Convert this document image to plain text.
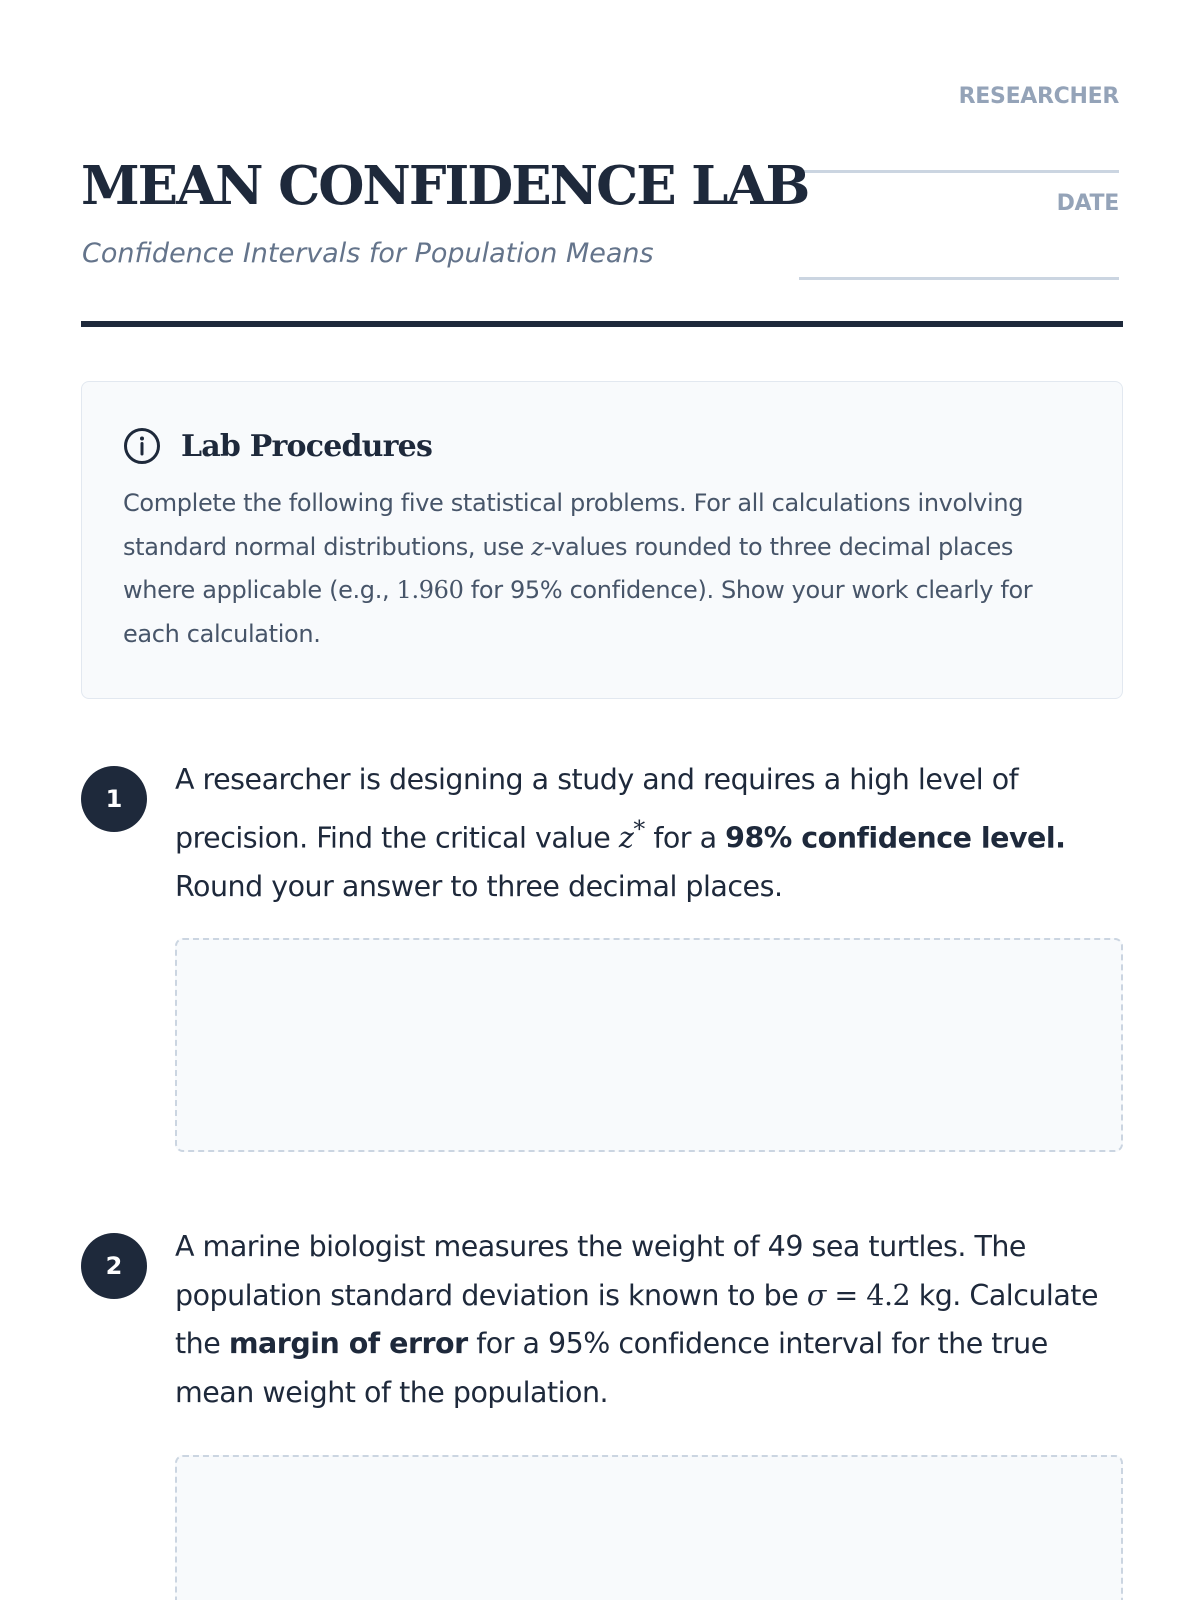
RESEARCHER
MEAN CONFIDENCE LAB	DATE
Confidence Intervals for Population Means
Lab Procedures
Complete the following five statistical problems. For all calculations involving standard normal distributions, use z-values rounded to three decimal places where applicable (e.g., 1.960 for 95% confidence). Show your work clearly for each calculation.
1
A researcher is designing a study and requires a high level of precision. Find the critical value z* for a 98% confidence level. Round your answer to three decimal places.
2
A marine biologist measures the weight of 49 sea turtles. The population standard deviation is known to be σ = 4.2 kg. Calculate the margin of error for a 95% confidence interval for the true mean weight of the population.
